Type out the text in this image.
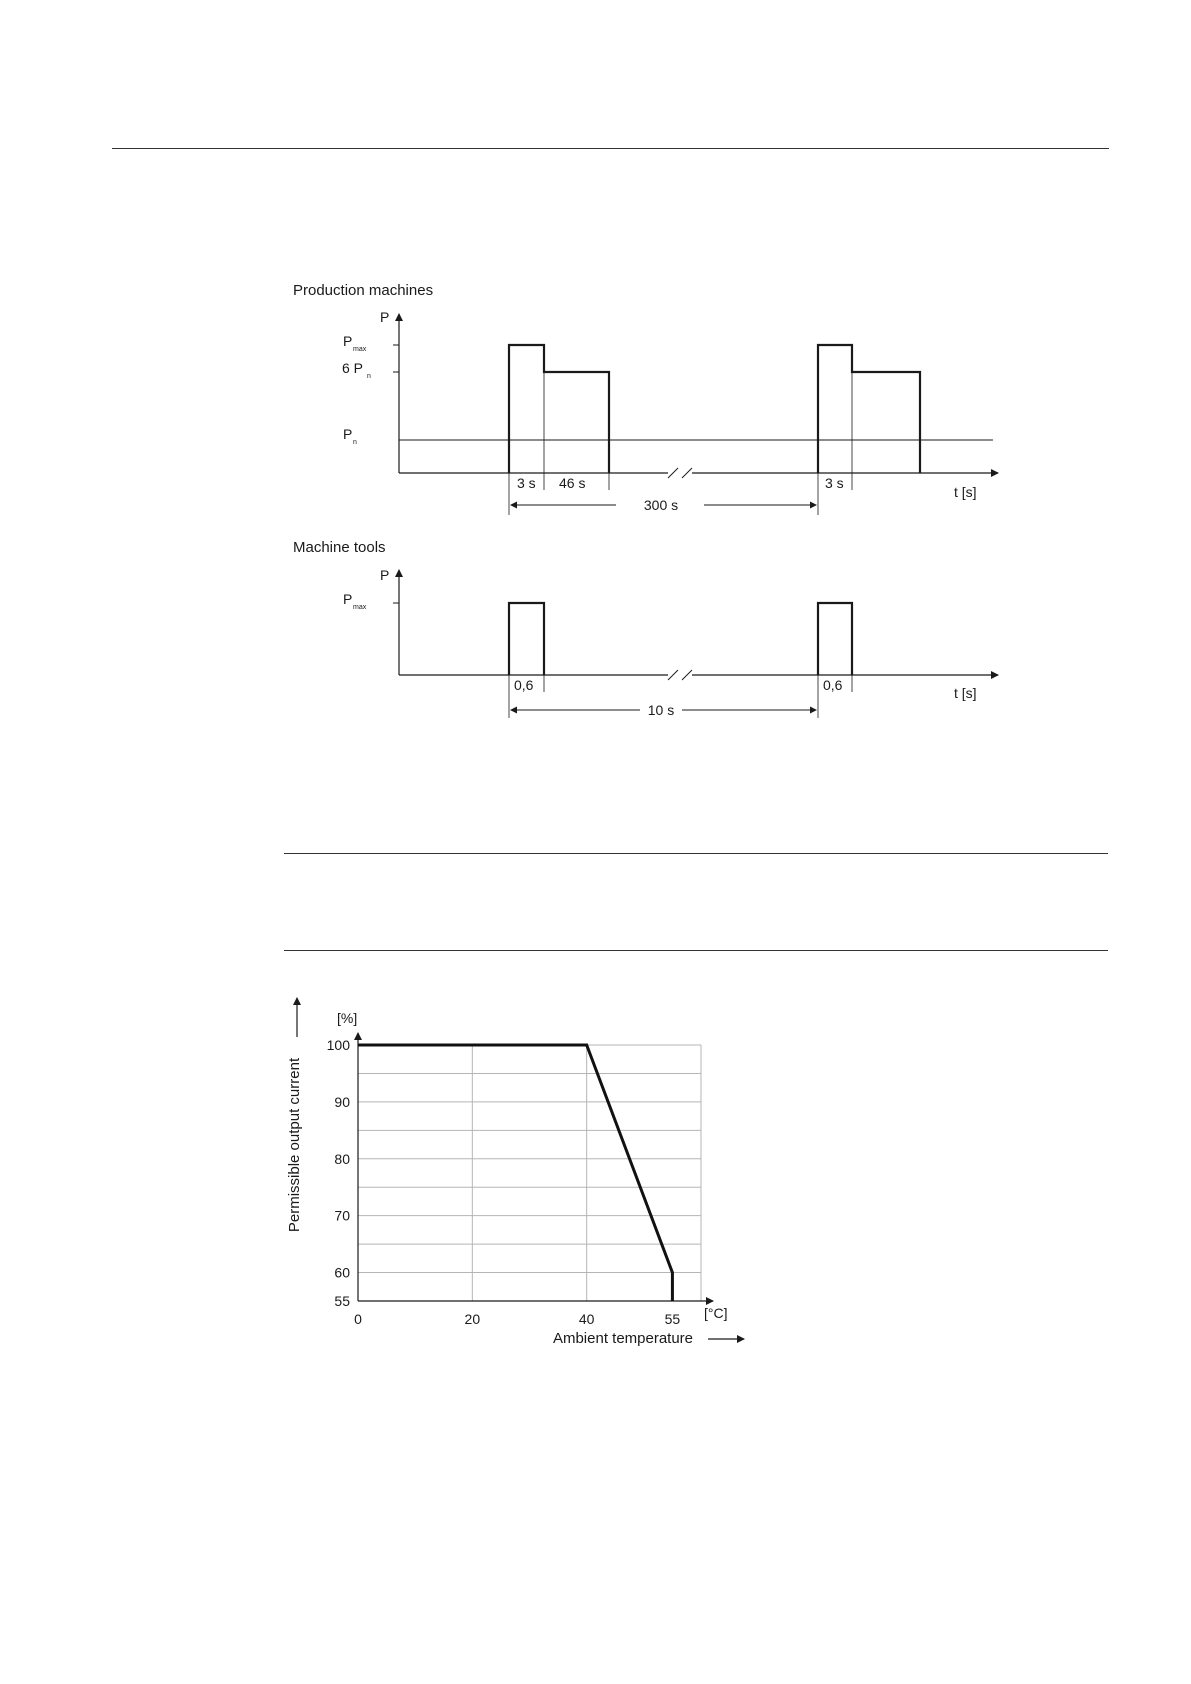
Production machines
P
t [s]
P
max
6 P
n
P
n
3 s 46 s	3 s
300 s
Machine tools
P
t [s]
P
max
0,6	0,6
10 s
55
60
70
80
90
100
0	20	40	55
[%]
[°C]
Permissible output current
Ambient temperature
